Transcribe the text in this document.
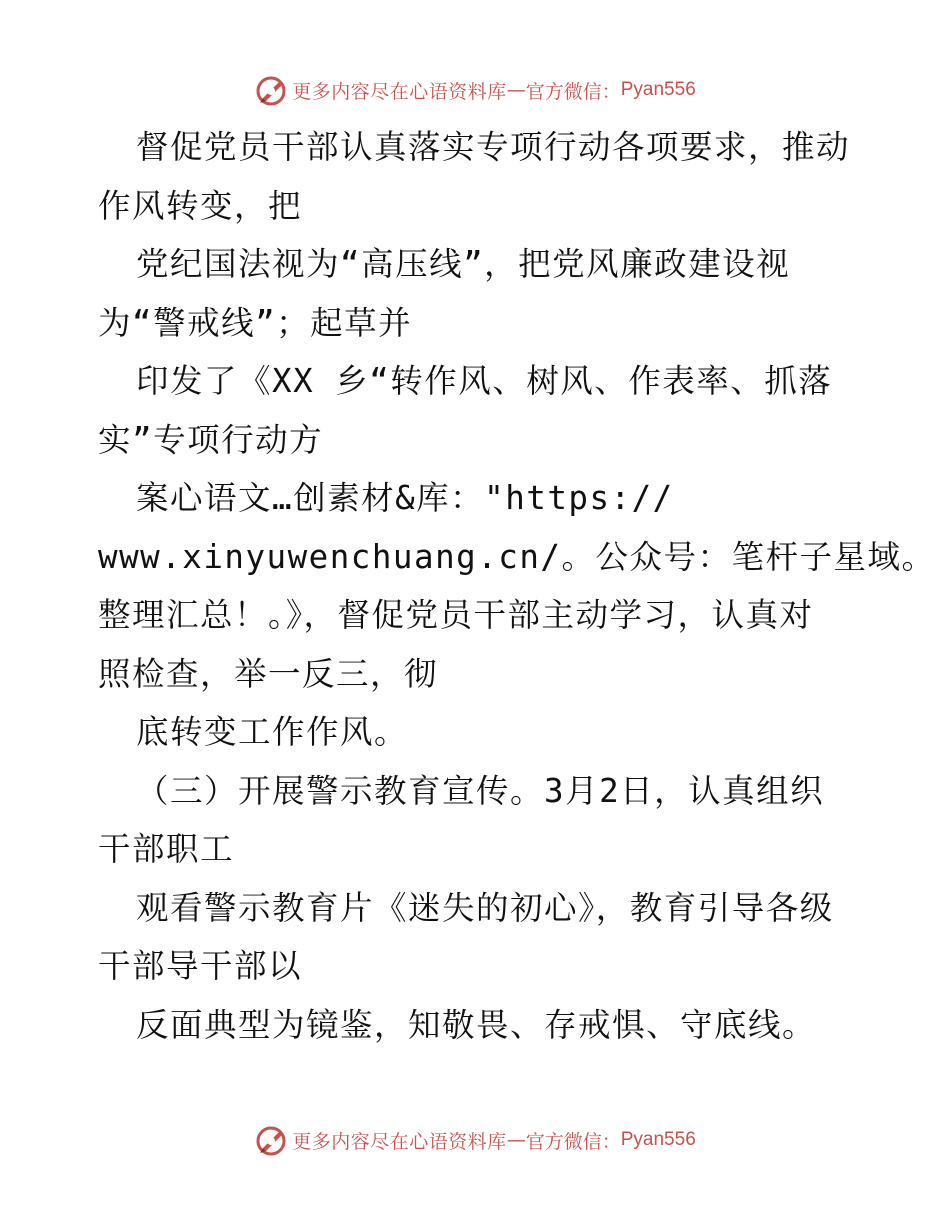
更多内容尽在心语资料库 — 官方微信： Pyan556
督促党员干部认真落实专项行动各项要求，推动
作风转变，把
党纪国法视为“高压线”，把党风廉政建设视
为“警戒线”；起草并
印发了《XX 乡“转作风、树风、作表率、抓落
实”专项行动方
案心语文…创素材&库："https://
www.xinyuwenchuang.cn/。公众号：笔杆子星域。
整理汇总！。》，督促党员干部主动学习，认真对
照检查，举一反三，彻
底转变工作作风。
（三）开展警示教育宣传。3月2日，认真组织
干部职工
观看警示教育片《迷失的初心》，教育引导各级
干部导干部以
反面典型为镜鉴，知敬畏、存戒惧、守底线。
更多内容尽在心语资料库 — 官方微信： Pyan556
